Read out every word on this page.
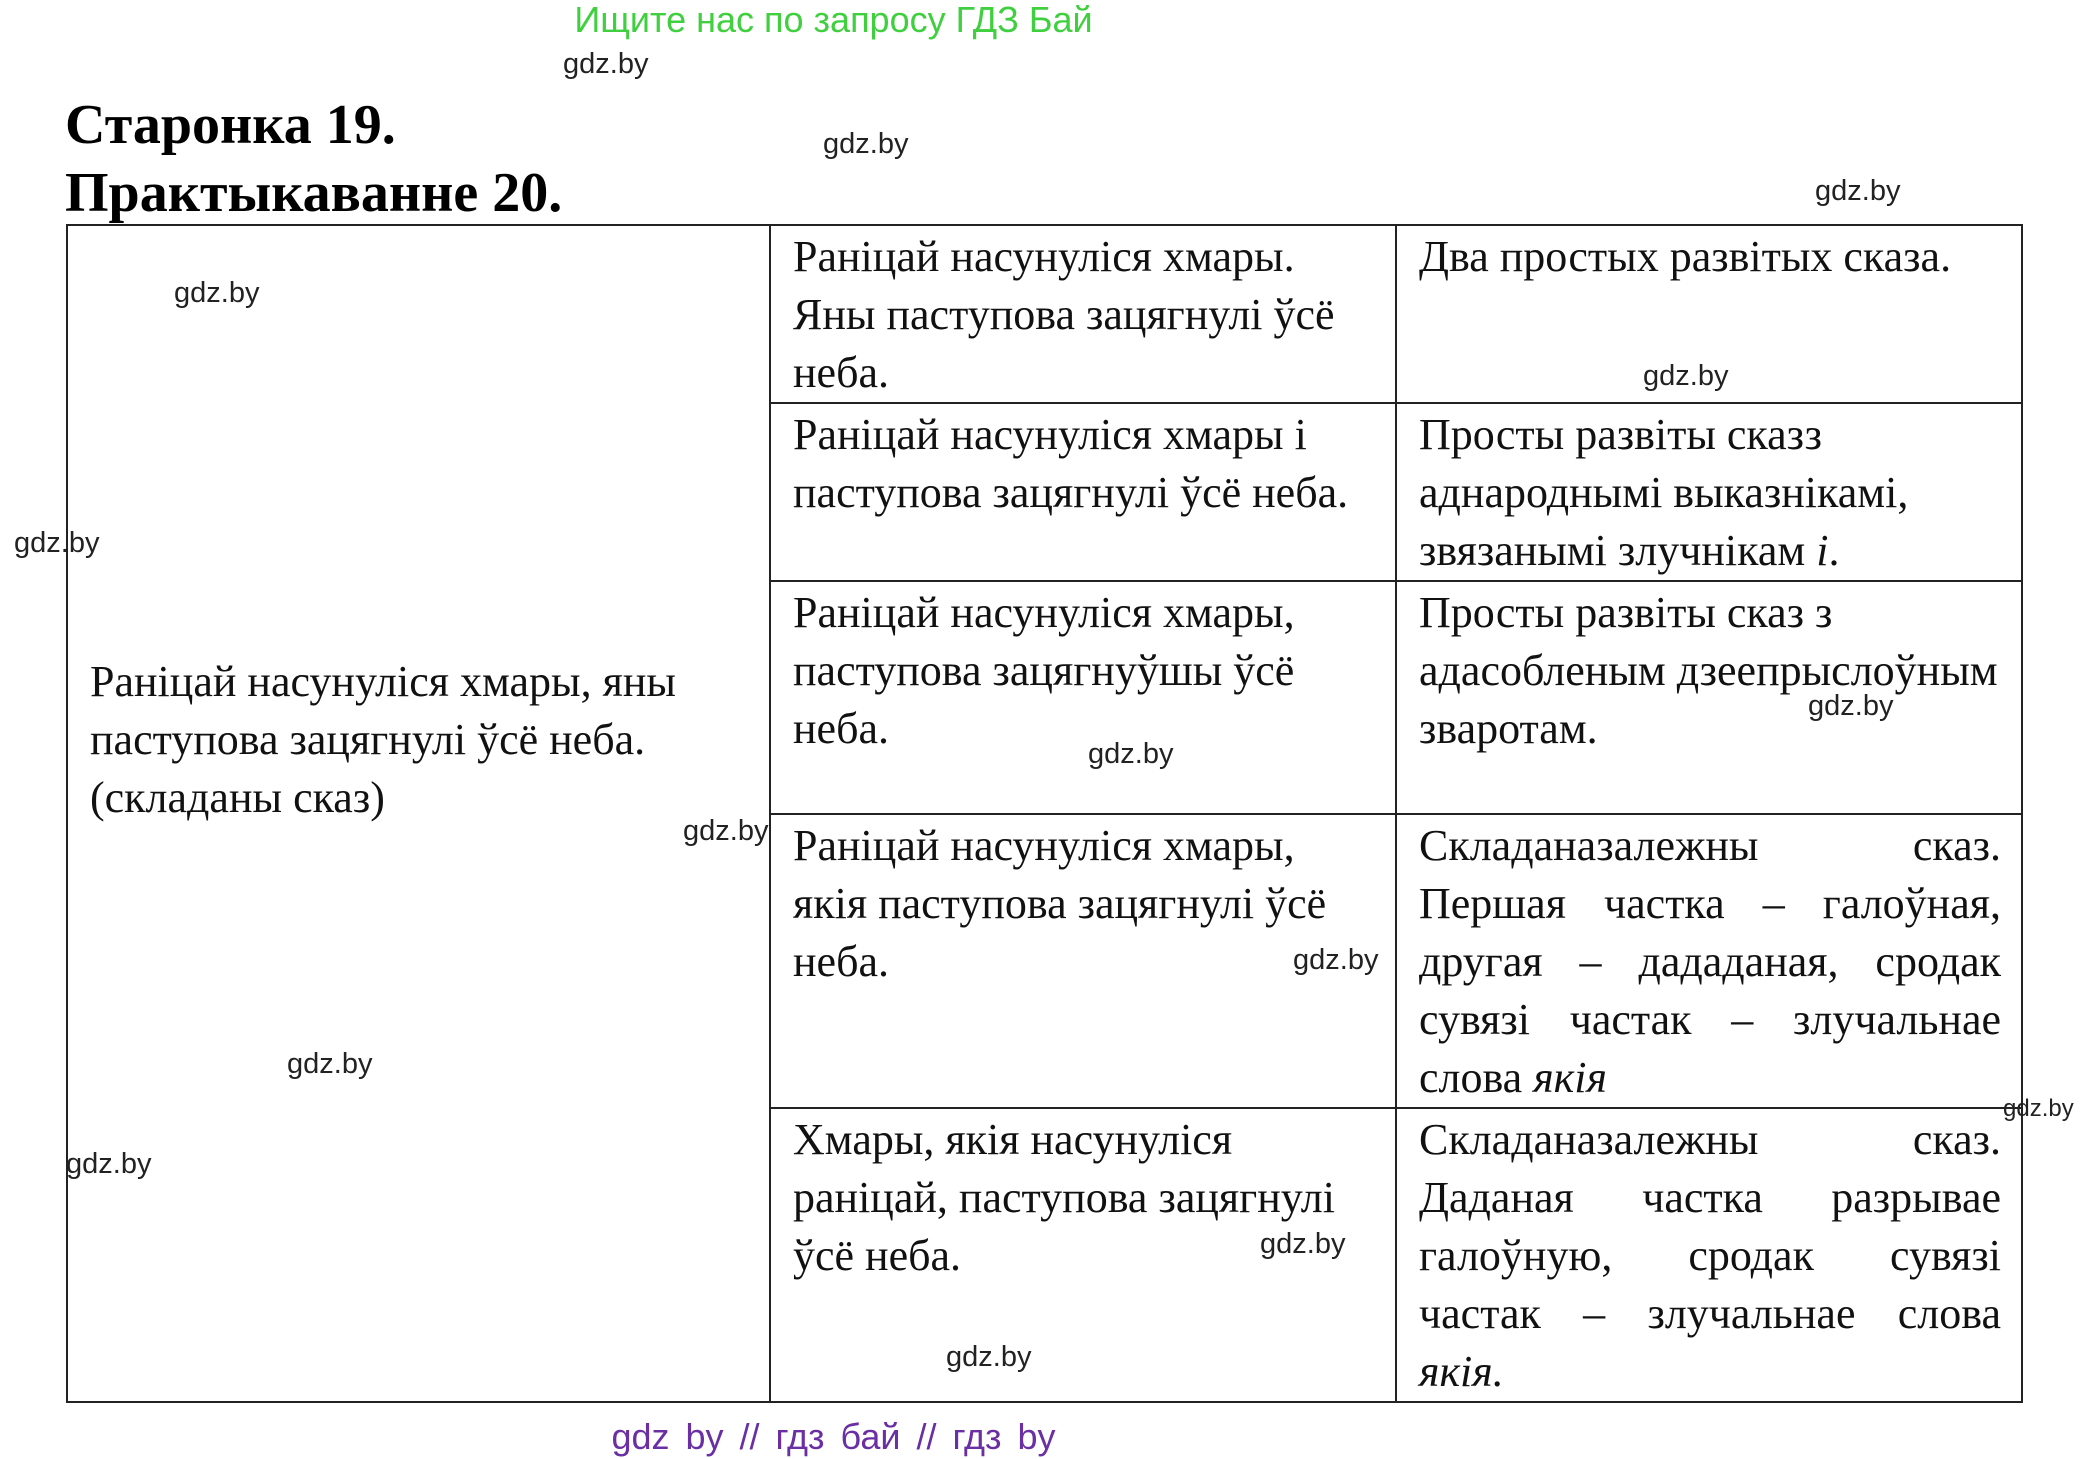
Ищите нас по запросу ГДЗ Бай
Старонка 19.
Практыкаванне 20.
Раніцай насунуліся хмары, яны паступова зацягнулі ўсё неба.
(складаны сказ)	Раніцай насунуліся хмары. Яны паступова зацягнулі ўсё неба.	Два простых развітых сказа.
	Раніцай насунуліся хмары і паступова зацягнулі ўсё неба.	Просты развіты сказз аднароднымі выказнікамі, звязанымі злучнікам і.
	Раніцай насунуліся хмары, паступова зацягнуўшы ўсё неба.	Просты развіты сказ з адасобленым дзеепрыслоўным зваротам.
	Раніцай насунуліся хмары, якія паступова зацягнулі ўсё неба.	Складаназалежны сказ. Першая частка – галоўная, другая – дададаная, сродак сувязі частак – злучальнае слова якія
	Хмары, якія насунуліся раніцай, паступова зацягнулі ўсё неба.	Складаназалежны сказ. Даданая частка разрывае галоўную, сродак сувязі частак – злучальнае слова якія.
gdz.by
gdz.by
gdz.by
gdz.by
gdz.by
gdz.by
gdz.by
gdz.by
gdz.by
gdz.by
gdz.by
gdz.by
gdz.by
gdz.by
gdz.by
gdz by // гдз бай // гдз by
